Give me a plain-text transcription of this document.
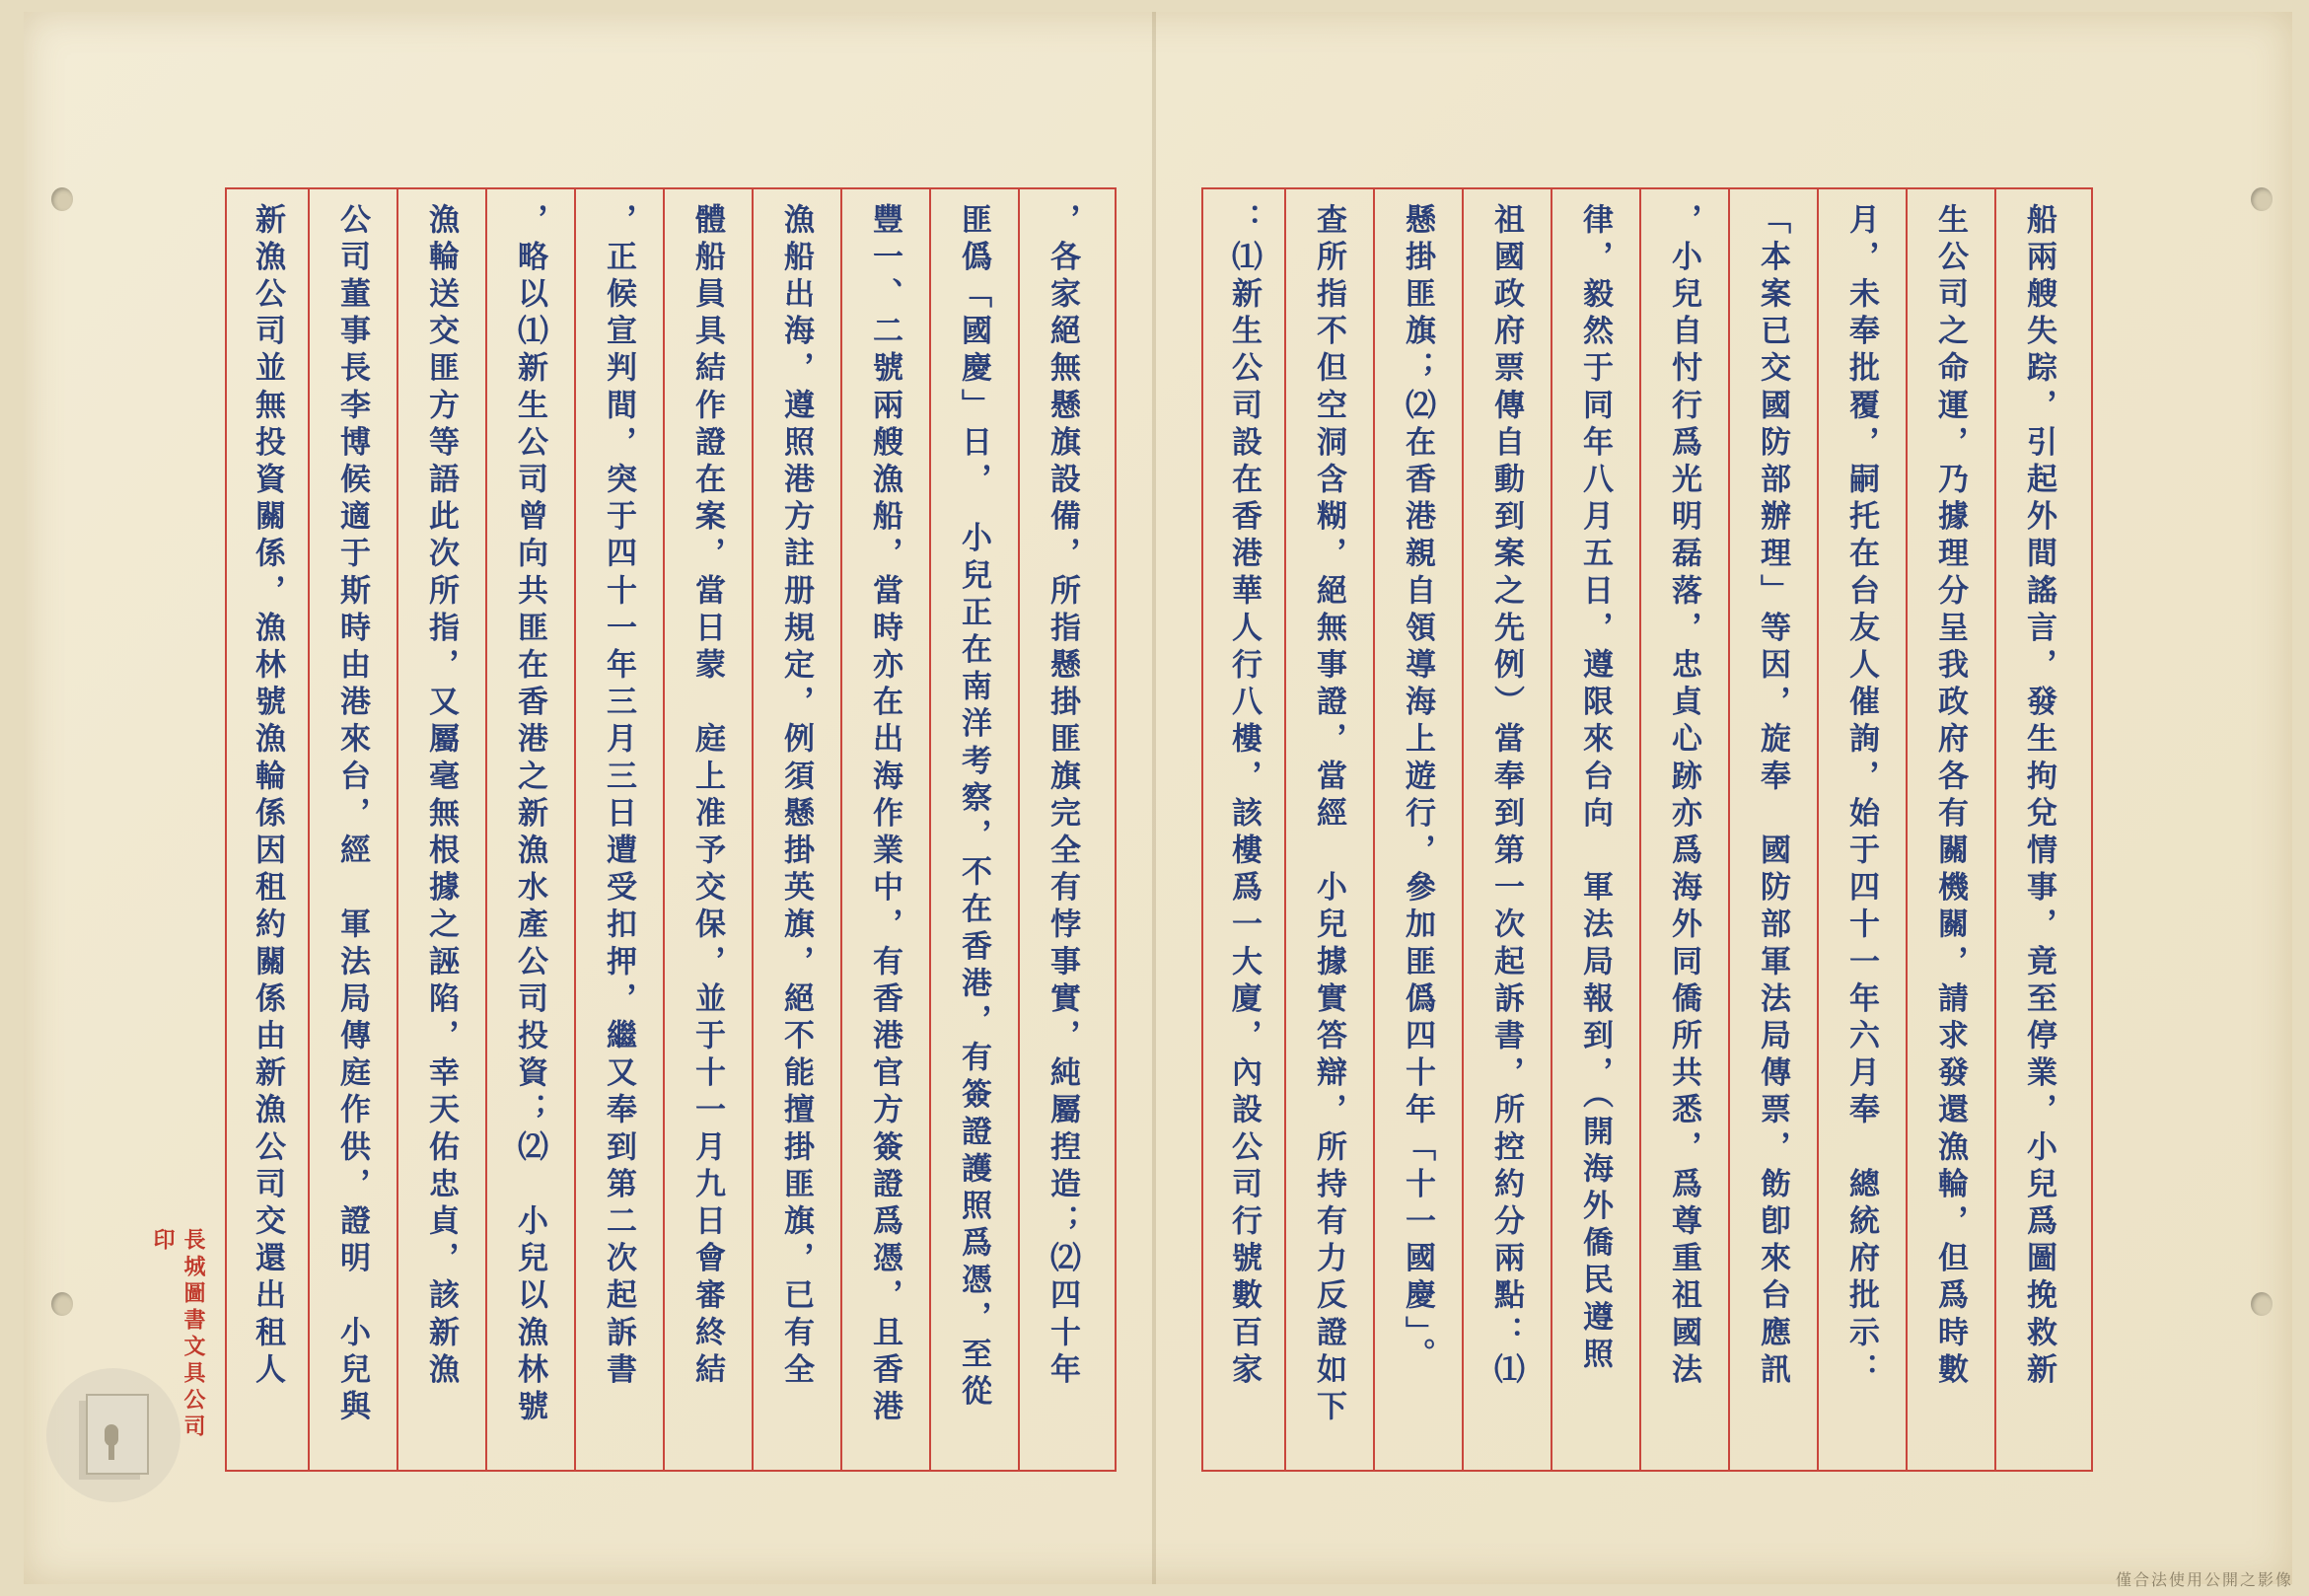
新漁公司並無投資關係，漁林號漁輪係因租約關係由新漁公司交還出租人	公司董事長李博候適于斯時由港來台，經　軍法局傳庭作供，證明　小兒與	漁輪送交匪方等語此次所指，又屬毫無根據之誣陷，幸天佑忠貞，該新漁	，略以⑴新生公司曾向共匪在香港之新漁水產公司投資；⑵　小兒以漁林號	，正候宣判間，突于四十一年三月三日遭受扣押，繼又奉到第二次起訴書	體船員具結作證在案，當日蒙　庭上准予交保，並于十一月九日會審終結	漁船出海，遵照港方註册規定，例須懸掛英旗，絕不能擅掛匪旗，已有全	豐一、二號兩艘漁船，當時亦在出海作業中，有香港官方簽證爲憑，且香港	匪僞「國慶」日，　小兒正在南洋考察，不在香港，有簽證護照爲憑，至從	，各家絕無懸旗設備，所指懸掛匪旗完全有悖事實，純屬揑造；⑵四十年	：⑴新生公司設在香港華人行八樓，該樓爲一大廈，內設公司行號數百家	查所指不但空洞含糊，絕無事證，當經　小兒據實答辯，所持有力反證如下	懸掛匪旗；⑵在香港親自領導海上遊行，參加匪僞四十年「十一國慶」。	祖國政府票傳自動到案之先例）當奉到第一次起訴書，所控約分兩點：⑴	律，毅然于同年八月五日，遵限來台向　軍法局報到，（開海外僑民遵照	，小兒自忖行爲光明磊落，忠貞心跡亦爲海外同僑所共悉，爲尊重祖國法	「本案已交國防部辦理」等因，旋奉　國防部軍法局傳票，飭卽來台應訊	月，未奉批覆，嗣托在台友人催詢，始于四十一年六月奉　總統府批示：	生公司之命運，乃據理分呈我政府各有關機關，請求發還漁輪，但爲時數	船兩艘失踪，引起外間謠言，發生拘兌情事，竟至停業，小兒爲圖挽救新
長城圖書文具公司印
僅合法使用公開之影像
